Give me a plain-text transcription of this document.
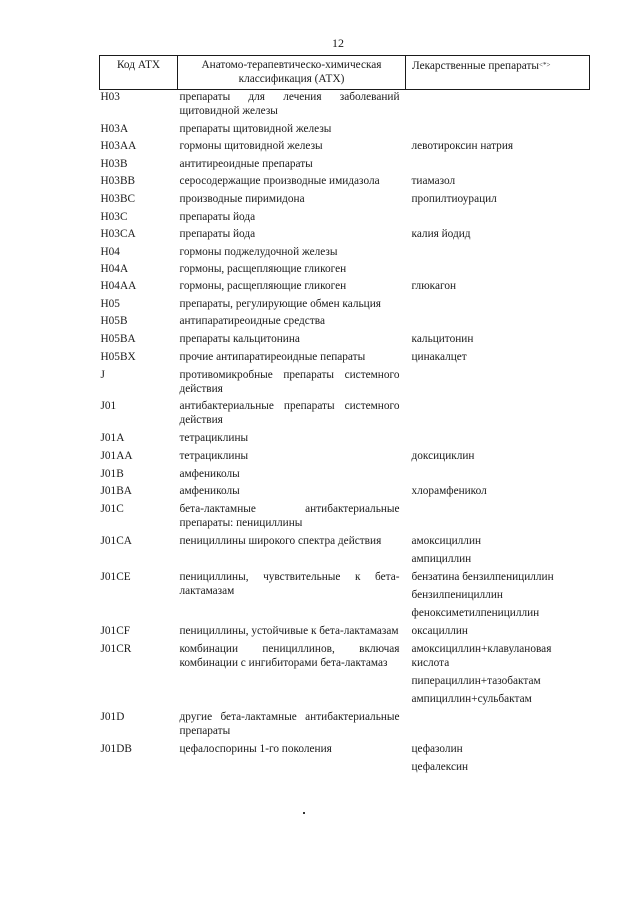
12
Код АТХ	Анатомо-терапевтическо-химическая классификация (АТХ)	Лекарственные препараты<*>
H03	препараты для лечения заболеваний щитовидной железы	
H03A	препараты щитовидной железы	
H03AA	гормоны щитовидной железы	левотироксин натрия

H03B	антитиреоидные препараты	
H03BB	серосодержащие производные имидазола	тиамазол

H03BC	производные пиримидона	пропилтиоурацил

H03C	препараты йода	
H03CA	препараты йода	калия йодид

H04	гормоны поджелудочной железы	
H04A	гормоны, расщепляющие гликоген	
H04AA	гормоны, расщепляющие гликоген	глюкагон

H05	препараты, регулирующие обмен кальция	
H05B	антипаратиреоидные средства	
H05BA	препараты кальцитонина	кальцитонин

H05BX	прочие антипаратиреоидные пепараты	цинакалцет

J	противомикробные препараты системного действия	
J01	антибактериальные препараты системного действия	
J01A	тетрациклины	
J01AA	тетрациклины	доксициклин

J01B	амфениколы	
J01BA	амфениколы	хлорамфеникол

J01C	бета-лактамные антибактериальные препараты: пенициллины	
J01CA	пенициллины широкого спектра действия	амоксициллин
ампициллин

J01CE	пенициллины, чувствительные к бета-лактамазам	бензатина бензилпенициллин
бензилпенициллин
феноксиметилпенициллин

J01CF	пенициллины, устойчивые к бета-лактамазам	оксациллин

J01CR	комбинации пенициллинов, включая комбинации с ингибиторами бета-лактамаз	амоксициллин+клавулановая кислота
пиперациллин+тазобактам
ампициллин+сульбактам

J01D	другие бета-лактамные антибактериальные препараты	
J01DB	цефалоспорины 1-го поколения	цефазолин
цефалексин
